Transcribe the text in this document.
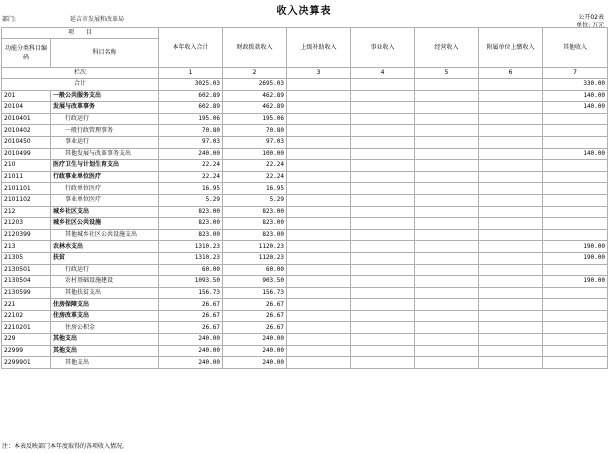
收入决算表
部门:	延吉市发展和改革局	公开02表
单位: 万元
项　　目		本年收入合计	财政拨款收入	上级补助收入	事业收入	经营收入	附属单位上缴收入	其他收入
功能分类科目编码	科目名称							
栏次		1	2	3	4	5	6	7
合计		3025.03	2695.03					330.00
201	一般公共服务支出	602.89	462.89					140.00
20104	发展与改革事务	602.89	462.89					140.00
2010401	行政运行	195.06	195.06					
2010402	一般行政管理事务	70.80	70.80					
2010450	事业运行	97.03	97.03					
2010499	其他发展与改革事务支出	240.00	100.00					140.00
210	医疗卫生与计划生育支出	22.24	22.24					
21011	行政事业单位医疗	22.24	22.24					
2101101	行政单位医疗	16.95	16.95					
2101102	事业单位医疗	5.29	5.29					
212	城乡社区支出	823.00	823.00					
21203	城乡社区公共设施	823.00	823.00					
2120399	其他城乡社区公共设施支出	823.00	823.00					
213	农林水支出	1310.23	1120.23					190.00
21305	扶贫	1310.23	1120.23					190.00
2130501	行政运行	60.00	60.00					
2130504	农村基础设施建设	1093.50	903.50					190.00
2130599	其他扶贫支出	156.73	156.73					
221	住房保障支出	26.67	26.67					
22102	住房改革支出	26.67	26.67					
2210201	住房公积金	26.67	26.67					
229	其他支出	240.00	240.00					
22999	其他支出	240.00	240.00					
2299901	其他支出	240.00	240.00					
注：本表反映部门本年度取得的各项收入情况。
